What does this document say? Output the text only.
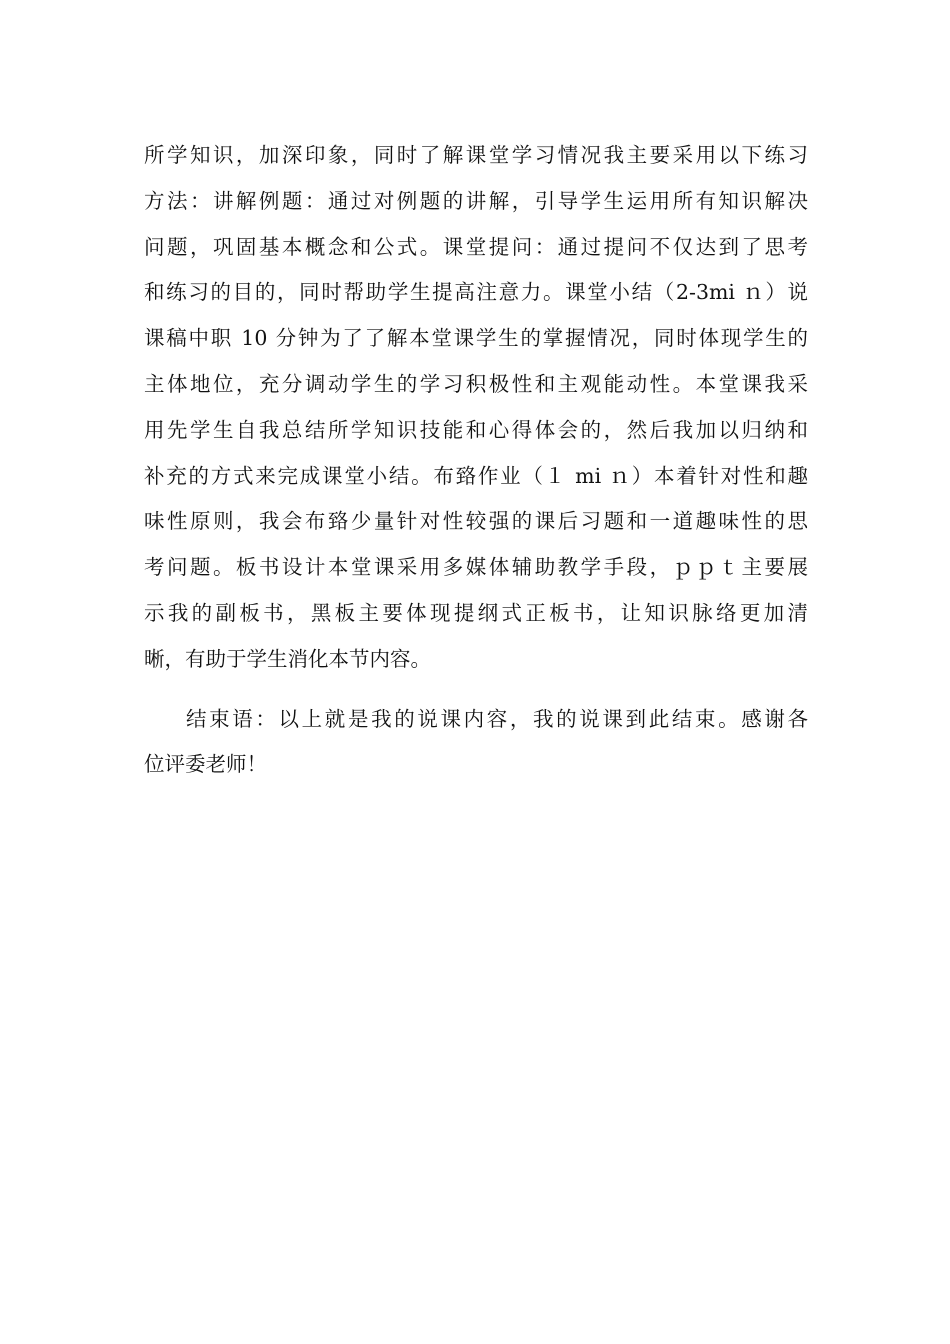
所学知识，加深印象，同时了解课堂学习情况我主要采用以下练习
方法：讲解例题：通过对例题的讲解，引导学生运用所有知识解决
问题，巩固基本概念和公式。课堂提问：通过提问不仅达到了思考
和练习的目的，同时帮助学生提高注意力。课堂小结（2-3mi ｎ）说
课稿中职 10 分钟为了了解本堂课学生的掌握情况，同时体现学生的
主体地位，充分调动学生的学习积极性和主观能动性。本堂课我采
用先学生自我总结所学知识技能和心得体会的，然后我加以归纳和
补充的方式来完成课堂小结。布臵作业（１ mi ｎ）本着针对性和趣
味性原则，我会布臵少量针对性较强的课后习题和一道趣味性的思
考问题。板书设计本堂课采用多媒体辅助教学手段，ｐｐｔ主要展
示我的副板书，黑板主要体现提纲式正板书，让知识脉络更加清
晰，有助于学生消化本节内容。
结束语：以上就是我的说课内容，我的说课到此结束。感谢各
位评委老师！
